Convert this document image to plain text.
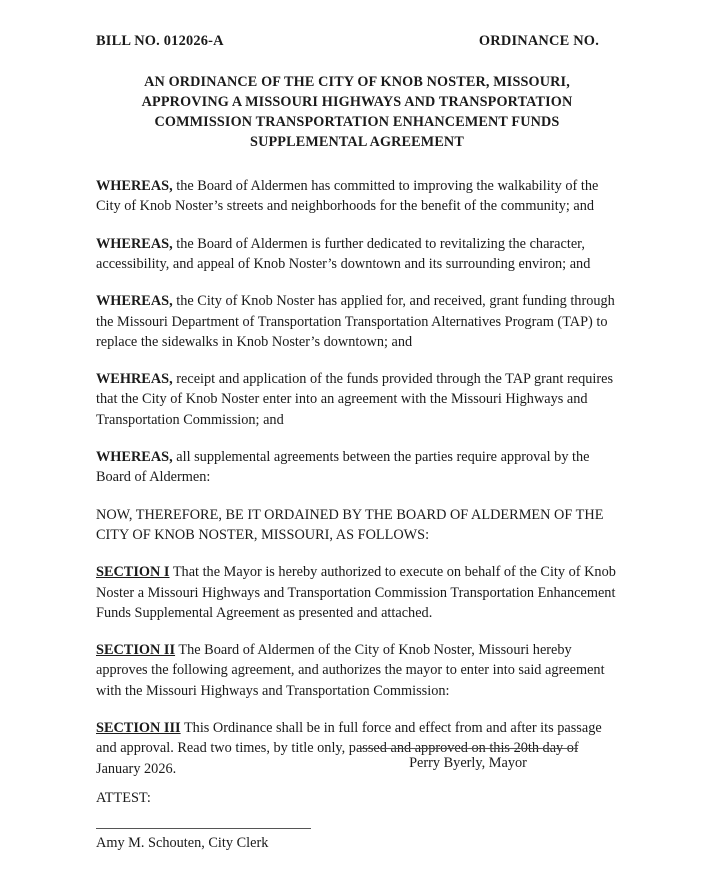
BILL NO. 012026-A	ORDINANCE NO.
AN ORDINANCE OF THE CITY OF KNOB NOSTER, MISSOURI,
APPROVING A MISSOURI HIGHWAYS AND TRANSPORTATION
COMMISSION TRANSPORTATION ENHANCEMENT FUNDS
SUPPLEMENTAL AGREEMENT

WHEREAS, the Board of Aldermen has committed to improving the walkability of the City of Knob Noster’s streets and neighborhoods for the benefit of the community; and

WHEREAS, the Board of Aldermen is further dedicated to revitalizing the character, accessibility, and appeal of Knob Noster’s downtown and its surrounding environ; and

WHEREAS, the City of Knob Noster has applied for, and received, grant funding through the Missouri Department of Transportation Transportation Alternatives Program (TAP) to replace the sidewalks in Knob Noster’s downtown; and

WEHREAS, receipt and application of the funds provided through the TAP grant requires that the City of Knob Noster enter into an agreement with the Missouri Highways and Transportation Commission; and

WHEREAS, all supplemental agreements between the parties require approval by the Board of Aldermen:

NOW, THEREFORE, BE IT ORDAINED BY THE BOARD OF ALDERMEN OF THE CITY OF KNOB NOSTER, MISSOURI, AS FOLLOWS:

SECTION I That the Mayor is hereby authorized to execute on behalf of the City of Knob Noster a Missouri Highways and Transportation Commission Transportation Enhancement Funds Supplemental Agreement as presented and attached.

SECTION II The Board of Aldermen of the City of Knob Noster, Missouri hereby approves the following agreement, and authorizes the mayor to enter into said agreement with the Missouri Highways and Transportation Commission:

SECTION III This Ordinance shall be in full force and effect from and after its passage and approval. Read two times, by title only, passed and approved on this 20th day of January 2026.	Perry Byerly, Mayor
ATTEST:
Amy M. Schouten, City Clerk
